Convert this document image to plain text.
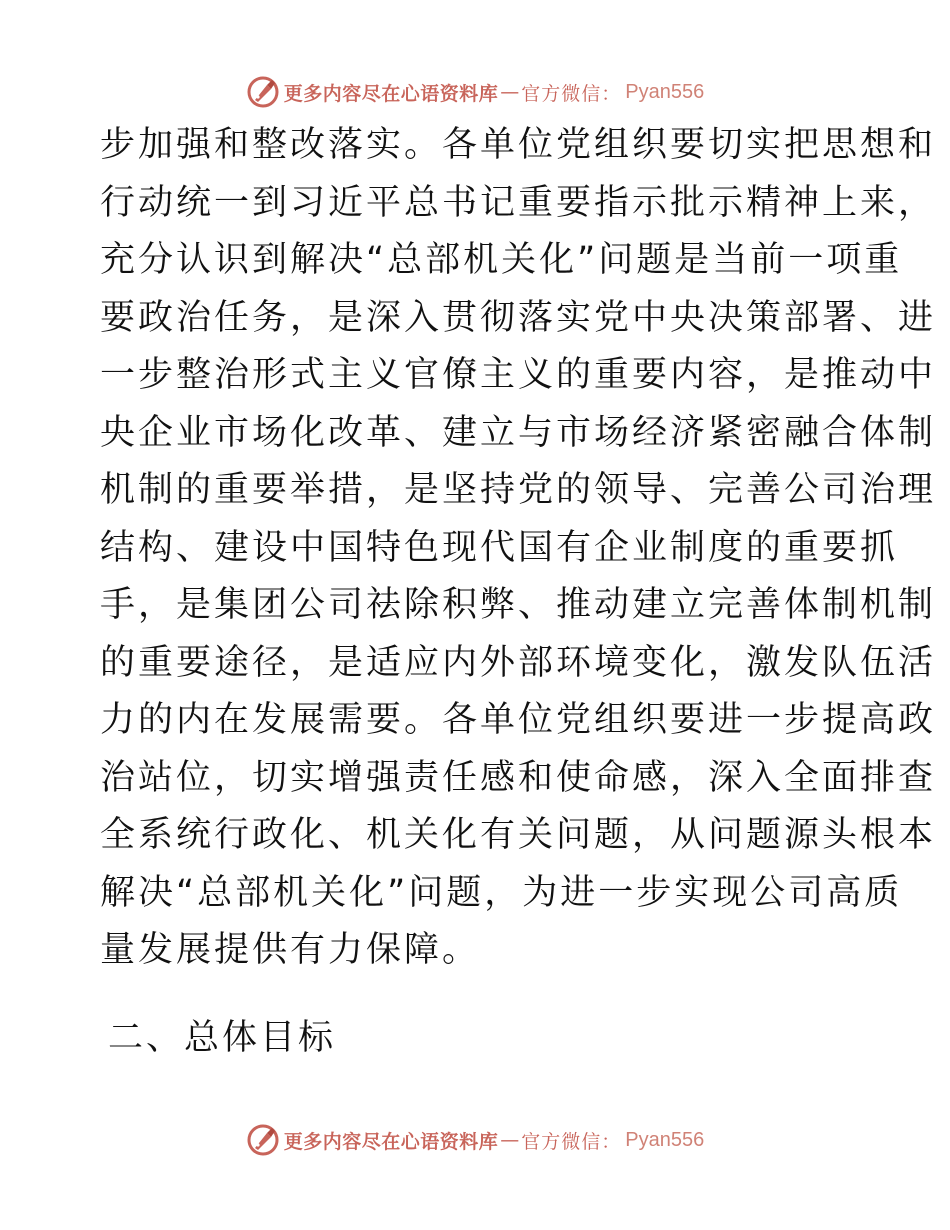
更多内容尽在心语资料库 — 官方微信： Pyan556
步加强和整改落实。各单位党组织要切实把思想和
行动统一到习近平总书记重要指示批示精神上来，
充分认识到解决“总部机关化”问题是当前一项重
要政治任务，是深入贯彻落实党中央决策部署、进
一步整治形式主义官僚主义的重要内容，是推动中
央企业市场化改革、建立与市场经济紧密融合体制
机制的重要举措，是坚持党的领导、完善公司治理
结构、建设中国特色现代国有企业制度的重要抓
手，是集团公司祛除积弊、推动建立完善体制机制
的重要途径，是适应内外部环境变化，激发队伍活
力的内在发展需要。各单位党组织要进一步提高政
治站位，切实增强责任感和使命感，深入全面排查
全系统行政化、机关化有关问题，从问题源头根本
解决“总部机关化”问题，为进一步实现公司高质
量发展提供有力保障。
二、总体目标
更多内容尽在心语资料库 — 官方微信： Pyan556
